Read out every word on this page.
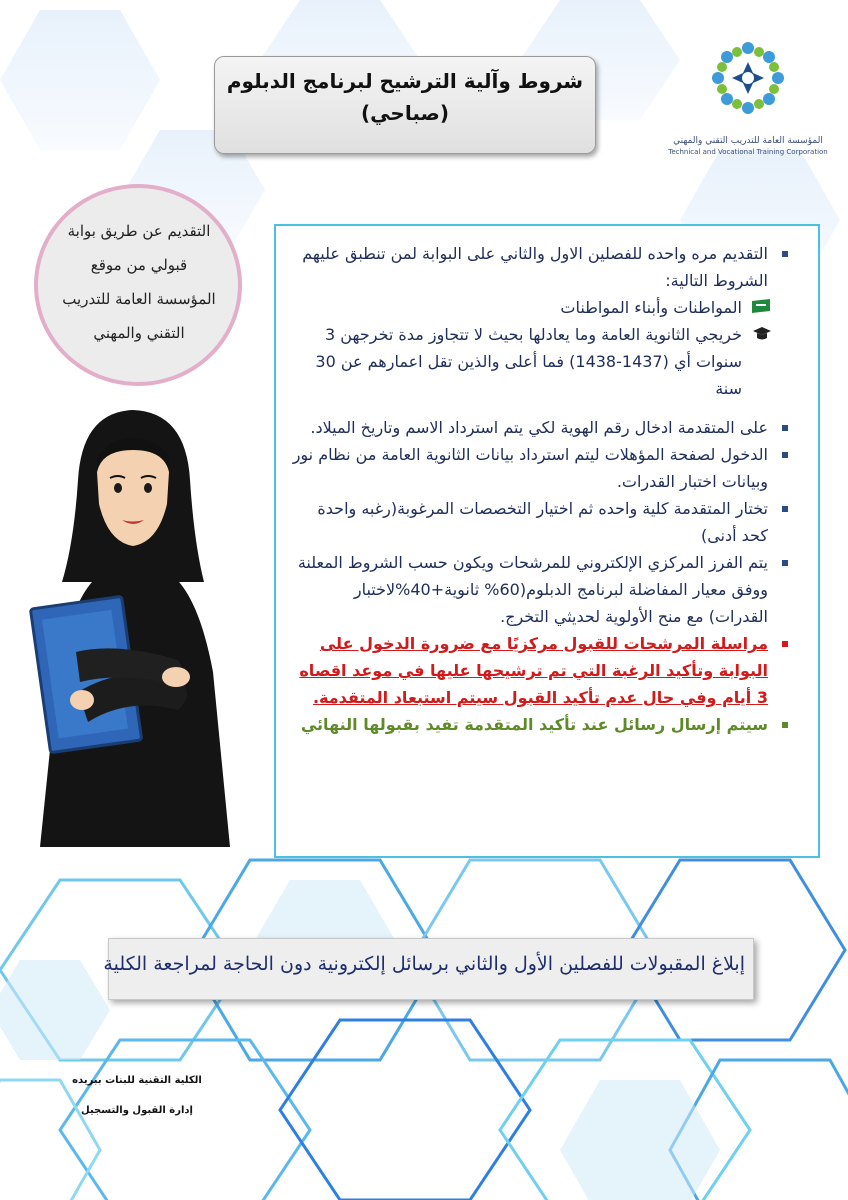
المؤسسة العامة للتدريب التقني والمهني
Technical and Vocational Training Corporation
شروط وآلية الترشيح لبرنامج الدبلوم
(صباحي)
التقديم عن طريق بوابة قبولي من موقع المؤسسة العامة للتدريب التقني والمهني
التقديم مره واحده للفصلين الاول والثاني على البوابة لمن تنطبق عليهم الشروط التالية:
المواطنات وأبناء المواطنات
خريجي الثانوية العامة وما يعادلها بحيث لا تتجاوز مدة تخرجهن 3 سنوات أي (1437-1438) فما أعلى والذين تقل اعمارهم عن 30 سنة
على المتقدمة ادخال رقم الهوية لكي يتم استرداد الاسم وتاريخ الميلاد.
الدخول لصفحة المؤهلات ليتم استرداد بيانات الثانوية العامة من نظام نور وبيانات اختبار القدرات.
تختار المتقدمة كلية واحده ثم اختيار التخصصات المرغوبة(رغبه واحدة كحد أدنى)
يتم الفرز المركزي الإلكتروني للمرشحات ويكون حسب الشروط المعلنة ووفق معيار المفاضلة لبرنامج الدبلوم(60% ثانوية+40%لاختبار القدرات) مع منح الأولوية لحديثي التخرج.
مراسلة المرشحات للقبول مركزيًا مع ضرورة الدخول على البوابة وتأكيد الرغبة التي تم ترشيحها عليها في موعد اقصاه 3 أيام وفي حال عدم تأكيد القبول سيتم استبعاد المتقدمة.
سيتم إرسال رسائل عند تأكيد المتقدمة تفيد بقبولها النهائي
إبلاغ المقبولات للفصلين الأول والثاني برسائل إلكترونية دون الحاجة لمراجعة الكلية
الكلية التقنية للبنات ببريده
إدارة القبول والتسجيل
